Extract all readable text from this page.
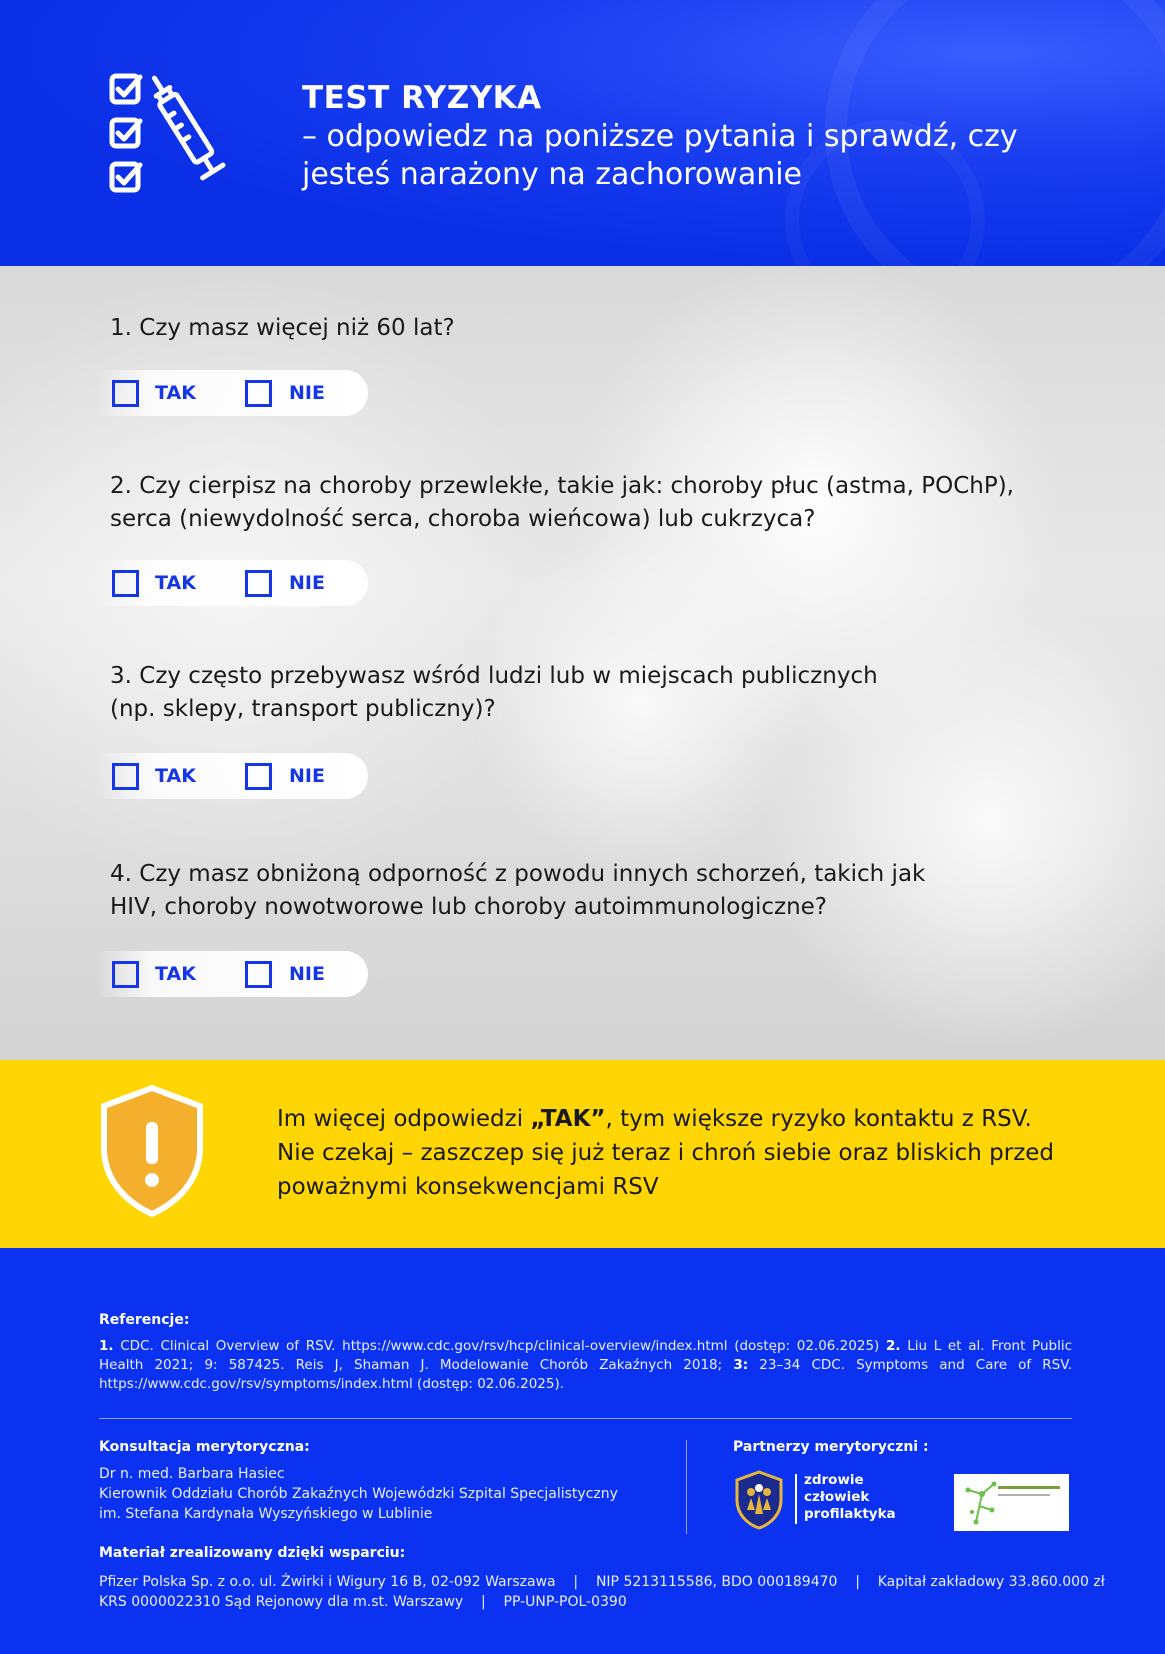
TEST RYZYKA
– odpowiedz na poniższe pytania i sprawdź, czy jesteś narażony na zachorowanie
1. Czy masz więcej niż 60 lat?
TAK	NIE
2. Czy cierpisz na choroby przewlekłe, takie jak: choroby płuc (astma, POChP), serca (niewydolność serca, choroba wieńcowa) lub cukrzyca?
TAK	NIE
3. Czy często przebywasz wśród ludzi lub w miejscach publicznych (np. sklepy, transport publiczny)?
TAK	NIE
4. Czy masz obniżoną odporność z powodu innych schorzeń, takich jak HIV, choroby nowotworowe lub choroby autoimmunologiczne?
TAK	NIE
Im więcej odpowiedzi „TAK”, tym większe ryzyko kontaktu z RSV.
Nie czekaj – zaszczep się już teraz i chroń siebie oraz bliskich przed poważnymi konsekwencjami RSV
Referencje:
1. CDC. Clinical Overview of RSV. https://www.cdc.gov/rsv/hcp/clinical-overview/index.html (dostęp: 02.06.2025) 2. Liu L et al. Front Public Health 2021; 9: 587425. Reis J, Shaman J. Modelowanie Chorób Zakaźnych 2018; 3: 23–34 CDC. Symptoms and Care of RSV. https://www.cdc.gov/rsv/symptoms/index.html (dostęp: 02.06.2025).
Konsultacja merytoryczna:
Dr n. med. Barbara Hasiec
Kierownik Oddziału Chorób Zakaźnych Wojewódzki Szpital Specjalistyczny
im. Stefana Kardynała Wyszyńskiego w Lublinie
Partnerzy merytoryczni :
zdrowie
człowiek
profilaktyka
Materiał zrealizowany dzięki wsparciu:
Pfizer Polska Sp. z o.o. ul. Żwirki i Wigury 16 B, 02-092 Warszawa    |    NIP 5213115586, BDO 000189470    |    Kapitał zakładowy 33.860.000 zł
KRS 0000022310 Sąd Rejonowy dla m.st. Warszawy    |    PP-UNP-POL-0390
